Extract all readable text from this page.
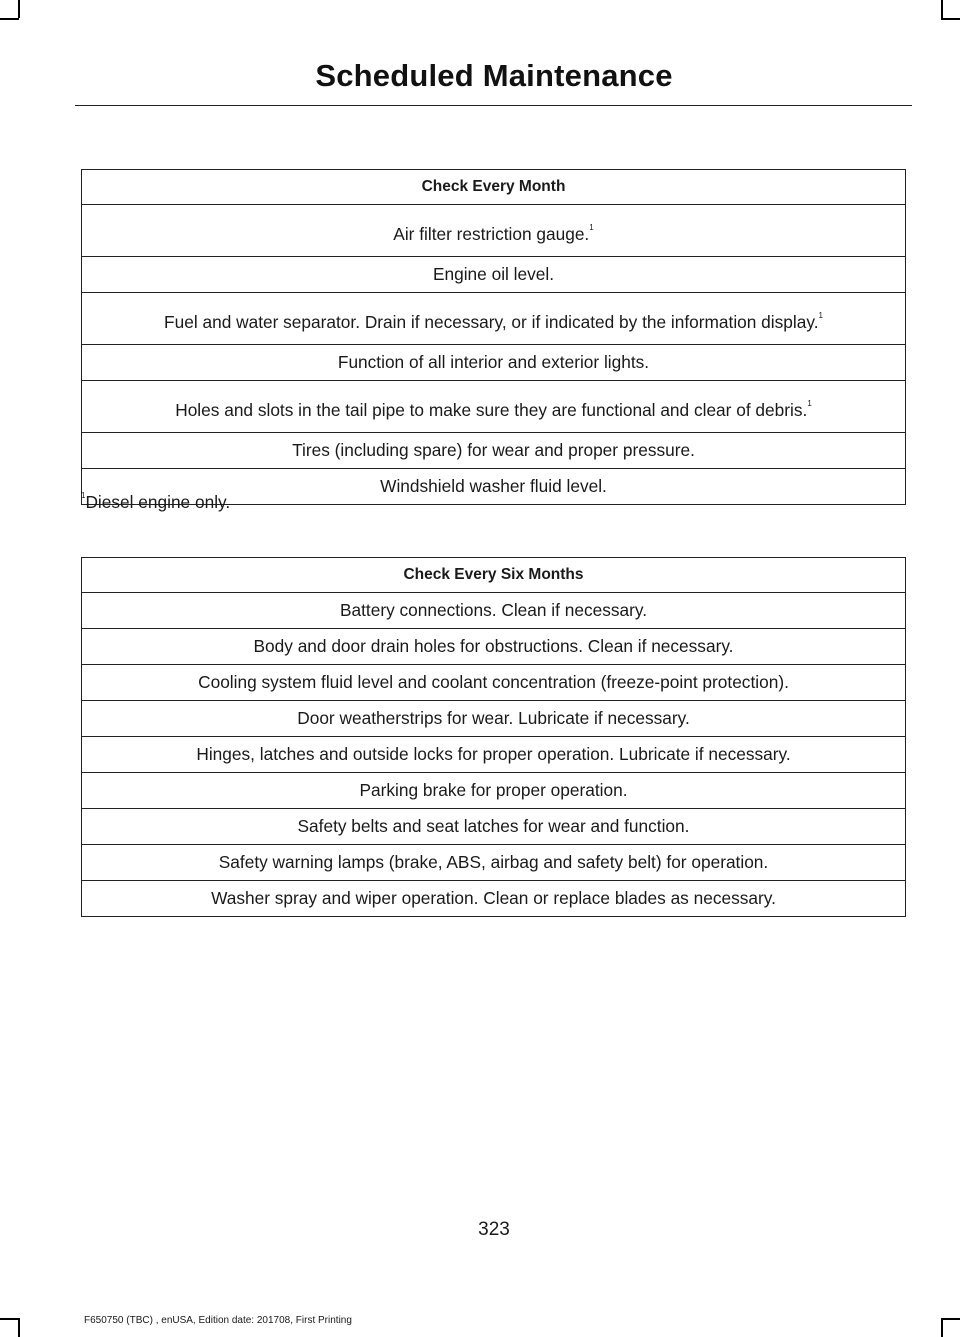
Scheduled Maintenance
Check Every Month
Air filter restriction gauge.$^1$
Engine oil level.
Fuel and water separator. Drain if necessary, or if indicated by the information display.$^1$
Function of all interior and exterior lights.
Holes and slots in the tail pipe to make sure they are functional and clear of debris.$^1$
Tires (including spare) for wear and proper pressure.
Windshield washer fluid level.
$^1$Diesel engine only.
Check Every Six Months
Battery connections. Clean if necessary.
Body and door drain holes for obstructions. Clean if necessary.
Cooling system fluid level and coolant concentration (freeze-point protection).
Door weatherstrips for wear. Lubricate if necessary.
Hinges, latches and outside locks for proper operation. Lubricate if necessary.
Parking brake for proper operation.
Safety belts and seat latches for wear and function.
Safety warning lamps (brake, ABS, airbag and safety belt) for operation.
Washer spray and wiper operation. Clean or replace blades as necessary.
323
F650750 (TBC) , enUSA, Edition date: 201708, First Printing
